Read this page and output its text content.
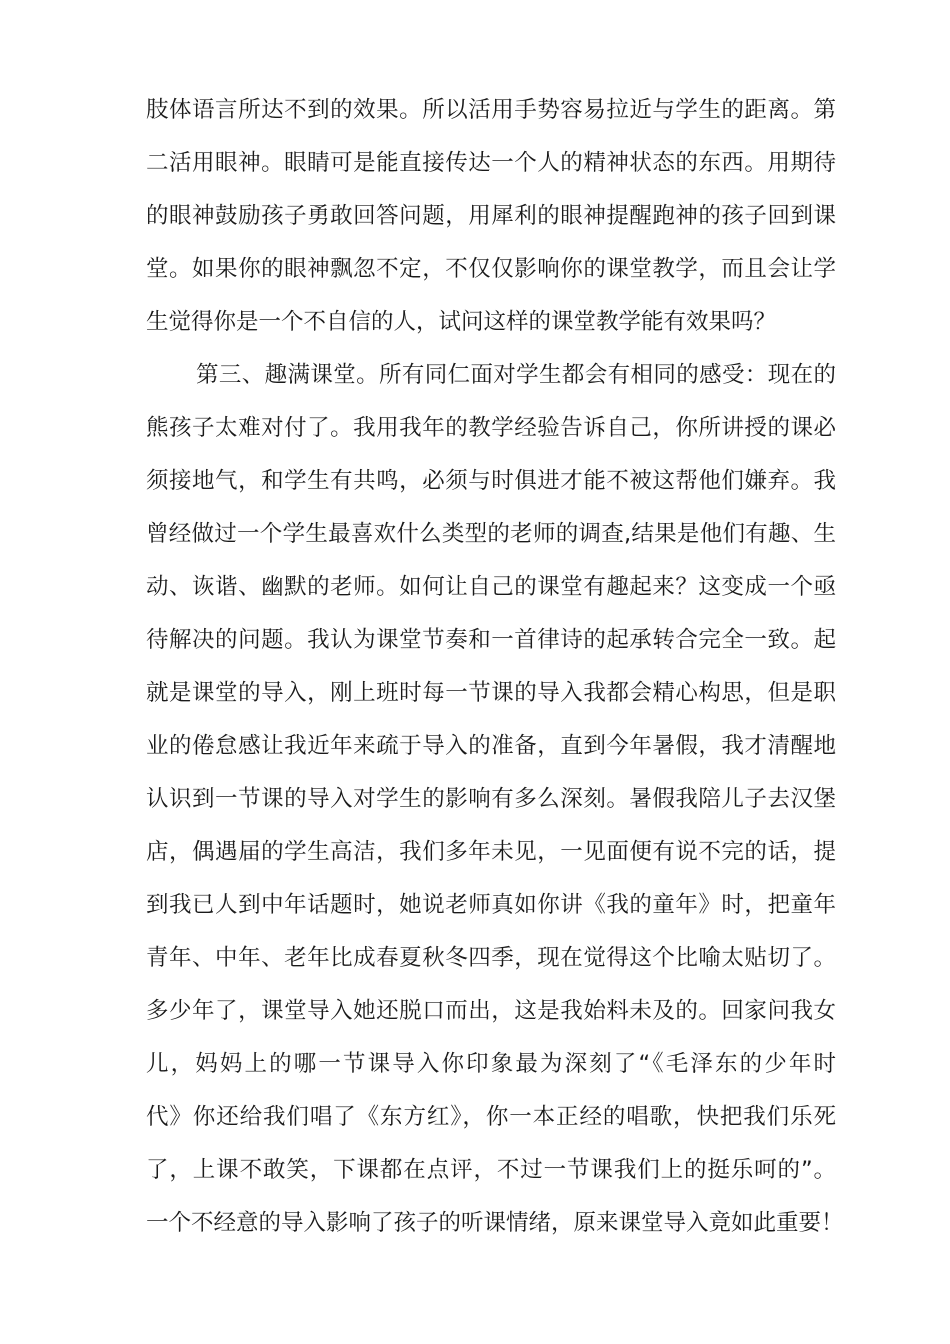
肢体语言所达不到的效果。所以活用手势容易拉近与学生的距离。第
二活用眼神。眼睛可是能直接传达一个人的精神状态的东西。用期待
的眼神鼓励孩子勇敢回答问题，用犀利的眼神提醒跑神的孩子回到课
堂。如果你的眼神飘忽不定，不仅仅影响你的课堂教学，而且会让学
生觉得你是一个不自信的人，试问这样的课堂教学能有效果吗？
第三、趣满课堂。所有同仁面对学生都会有相同的感受：现在的
熊孩子太难对付了。我用我年的教学经验告诉自己，你所讲授的课必
须接地气，和学生有共鸣，必须与时俱进才能不被这帮他们嫌弃。我
曾经做过一个学生最喜欢什么类型的老师的调查,结果是他们有趣、生
动、诙谐、幽默的老师。如何让自己的课堂有趣起来？这变成一个亟
待解决的问题。我认为课堂节奏和一首律诗的起承转合完全一致。起
就是课堂的导入，刚上班时每一节课的导入我都会精心构思，但是职
业的倦怠感让我近年来疏于导入的准备，直到今年暑假，我才清醒地
认识到一节课的导入对学生的影响有多么深刻。暑假我陪儿子去汉堡
店，偶遇届的学生高洁，我们多年未见，一见面便有说不完的话，提
到我已人到中年话题时，她说老师真如你讲《我的童年》时，把童年
青年、中年、老年比成春夏秋冬四季，现在觉得这个比喻太贴切了。
多少年了，课堂导入她还脱口而出，这是我始料未及的。回家问我女
儿，妈妈上的哪一节课导入你印象最为深刻了“《毛泽东的少年时
代》你还给我们唱了《东方红》，你一本正经的唱歌，快把我们乐死
了，上课不敢笑，下课都在点评，不过一节课我们上的挺乐呵的”。
一个不经意的导入影响了孩子的听课情绪，原来课堂导入竟如此重要！
